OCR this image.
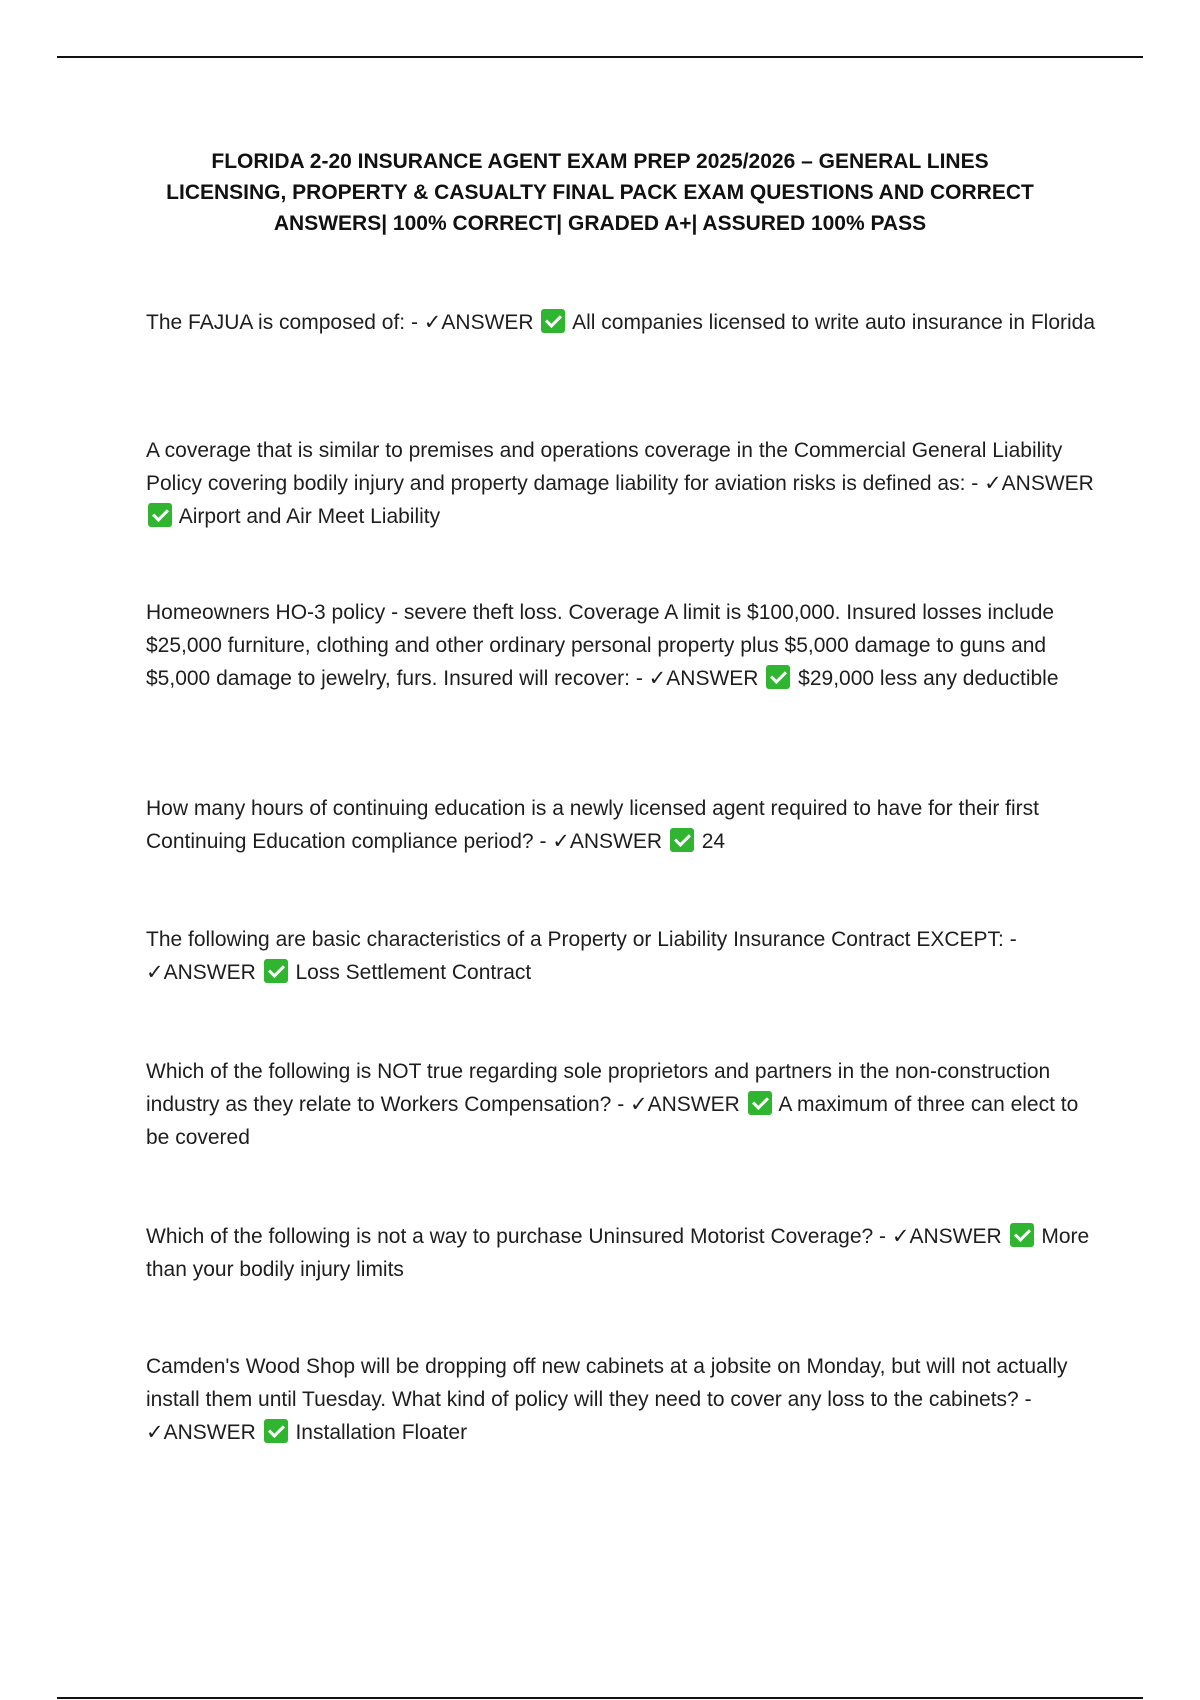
FLORIDA 2-20 INSURANCE AGENT EXAM PREP 2025/2026 – GENERAL LINES LICENSING, PROPERTY & CASUALTY FINAL PACK EXAM QUESTIONS AND CORRECT ANSWERS| 100% CORRECT| GRADED A+| ASSURED 100% PASS

The FAJUA is composed of: - ✓ANSWER All companies licensed to write auto insurance in Florida

A coverage that is similar to premises and operations coverage in the Commercial General Liability Policy covering bodily injury and property damage liability for aviation risks is defined as: - ✓ANSWER  Airport and Air Meet Liability

Homeowners HO-3 policy - severe theft loss. Coverage A limit is $100,000. Insured losses include $25,000 furniture, clothing and other ordinary personal property plus $5,000 damage to guns and $5,000 damage to jewelry, furs. Insured will recover: - ✓ANSWER $29,000 less any deductible

How many hours of continuing education is a newly licensed agent required to have for their first Continuing Education compliance period? - ✓ANSWER 24

The following are basic characteristics of a Property or Liability Insurance Contract EXCEPT: - ✓ANSWER Loss Settlement Contract

Which of the following is NOT true regarding sole proprietors and partners in the non-construction industry as they relate to Workers Compensation? - ✓ANSWER A maximum of three can elect to be covered

Which of the following is not a way to purchase Uninsured Motorist Coverage? - ✓ANSWER More than your bodily injury limits

Camden's Wood Shop will be dropping off new cabinets at a jobsite on Monday, but will not actually install them until Tuesday. What kind of policy will they need to cover any loss to the cabinets? - ✓ANSWER Installation Floater
